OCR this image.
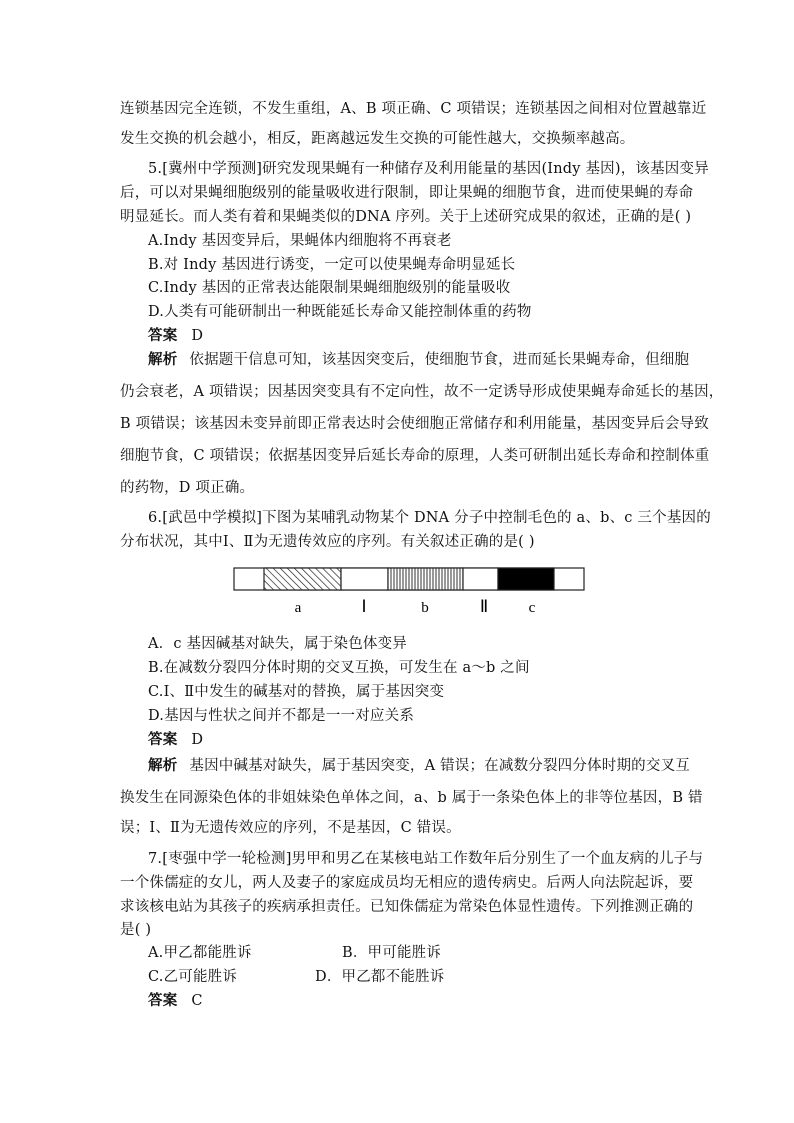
连锁基因完全连锁，不发生重组，A、B 项正确、C 项错误；连锁基因之间相对位置越靠近
发生交换的机会越小，相反，距离越远发生交换的可能性越大，交换频率越高。
5.[冀州中学预测]研究发现果蝇有一种储存及利用能量的基因(Indy 基因)，该基因变异
后，可以对果蝇细胞级别的能量吸收进行限制，即让果蝇的细胞节食，进而使果蝇的寿命
明显延长。而人类有着和果蝇类似的DNA 序列。关于上述研究成果的叙述，正确的是( )
A.Indy 基因变异后，果蝇体内细胞将不再衰老
B.对 Indy 基因进行诱变，一定可以使果蝇寿命明显延长
C.Indy 基因的正常表达能限制果蝇细胞级别的能量吸收
D.人类有可能研制出一种既能延长寿命又能控制体重的药物
答案 D
解析 依据题干信息可知，该基因突变后，使细胞节食，进而延长果蝇寿命，但细胞
仍会衰老，A 项错误；因基因突变具有不定向性，故不一定诱导形成使果蝇寿命延长的基因，
B 项错误；该基因未变异前即正常表达时会使细胞正常储存和利用能量，基因变异后会导致
细胞节食，C 项错误；依据基因变异后延长寿命的原理，人类可研制出延长寿命和控制体重
的药物，D 项正确。
6.[武邑中学模拟]下图为某哺乳动物某个 DNA 分子中控制毛色的 a、b、c 三个基因的
分布状况，其中Ⅰ、Ⅱ为无遗传效应的序列。有关叙述正确的是( )
a	Ⅰ	b	Ⅱ	c
A．c 基因碱基对缺失，属于染色体变异
B.在减数分裂四分体时期的交叉互换，可发生在 a～b 之间
C.Ⅰ、Ⅱ中发生的碱基对的替换，属于基因突变
D.基因与性状之间并不都是一一对应关系
答案 D
解析 基因中碱基对缺失，属于基因突变，A 错误；在减数分裂四分体时期的交叉互
换发生在同源染色体的非姐妹染色单体之间，a、b 属于一条染色体上的非等位基因，B 错
误；Ⅰ、Ⅱ为无遗传效应的序列，不是基因，C 错误。
7.[枣强中学一轮检测]男甲和男乙在某核电站工作数年后分别生了一个血友病的儿子与
一个侏儒症的女儿，两人及妻子的家庭成员均无相应的遗传病史。后两人向法院起诉，要
求该核电站为其孩子的疾病承担责任。已知侏儒症为常染色体显性遗传。下列推测正确的
是( )
A.甲乙都能胜诉	B．甲可能胜诉
C.乙可能胜诉	D．甲乙都不能胜诉
答案 C
